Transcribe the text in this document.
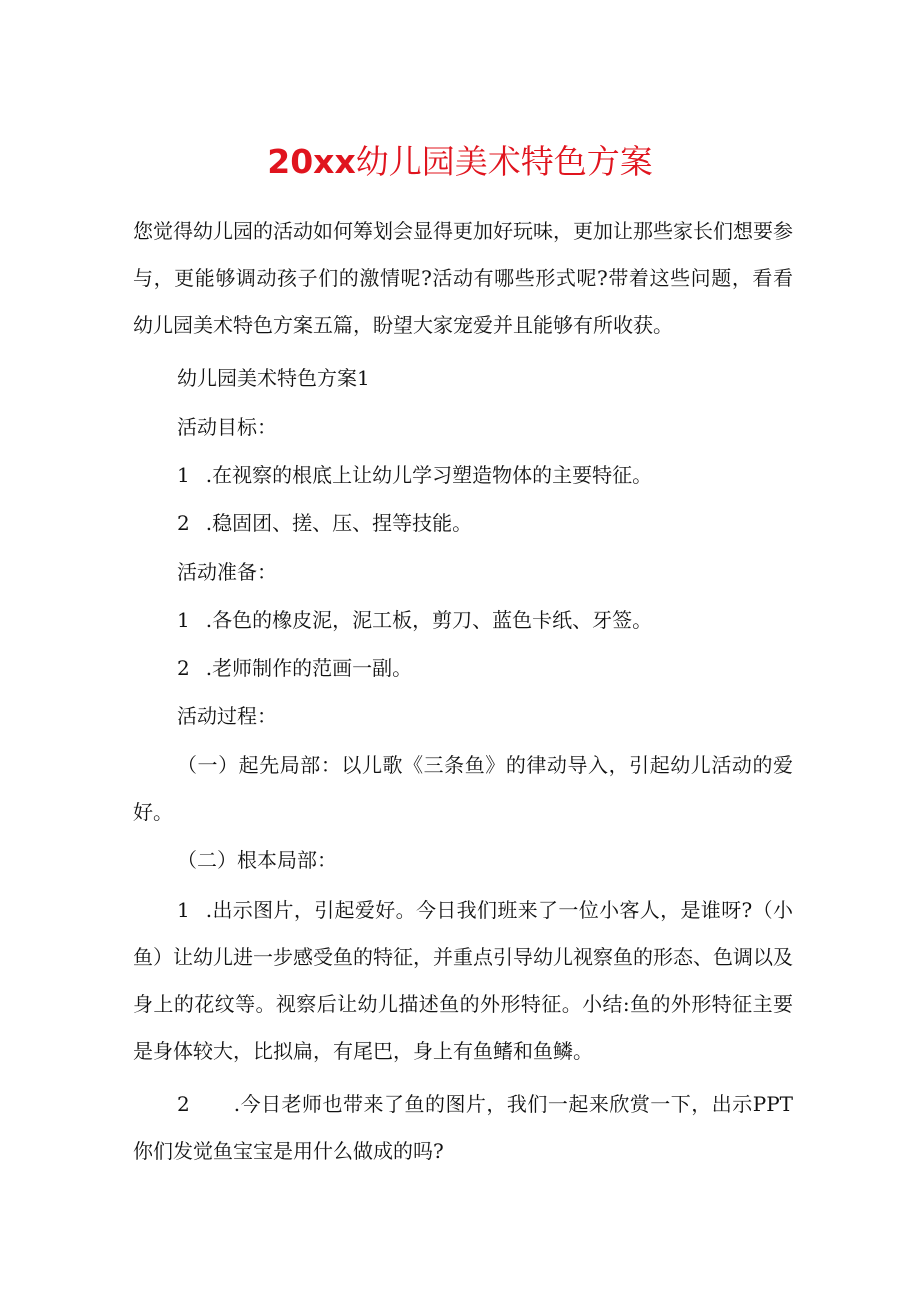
20xx幼儿园美术特色方案

您觉得幼儿园的活动如何筹划会显得更加好玩味，更加让那些家长们想要参与，更能够调动孩子们的激情呢?活动有哪些形式呢?带着这些问题，看看幼儿园美术特色方案五篇，盼望大家宠爱并且能够有所收获。

幼儿园美术特色方案1

活动目标：

1 .在视察的根底上让幼儿学习塑造物体的主要特征。

2 .稳固团、搓、压、捏等技能。

活动准备：

1 .各色的橡皮泥，泥工板，剪刀、蓝色卡纸、牙签。

2 .老师制作的范画一副。

活动过程：

（一）起先局部：以儿歌《三条鱼》的律动导入，引起幼儿活动的爱好。

（二）根本局部：

1 .出示图片，引起爱好。今日我们班来了一位小客人，是谁呀?（小鱼）让幼儿进一步感受鱼的特征，并重点引导幼儿视察鱼的形态、色调以及身上的花纹等。视察后让幼儿描述鱼的外形特征。小结:鱼的外形特征主要是身体较大，比拟扁，有尾巴，身上有鱼鳍和鱼鳞。

2 .今日老师也带来了鱼的图片，我们一起来欣赏一下，出示PPT你们发觉鱼宝宝是用什么做成的吗?
